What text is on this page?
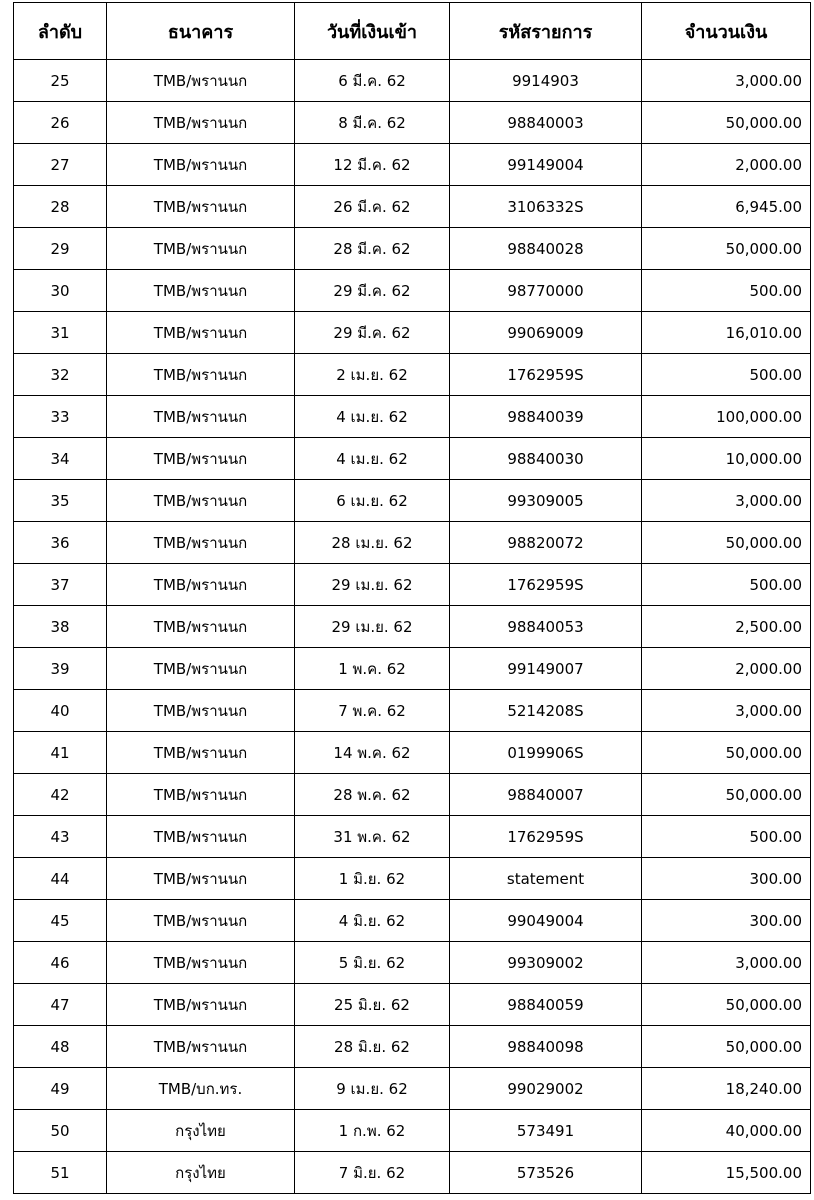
ลำดับ	ธนาคาร	วันที่เงินเข้า	รหัสรายการ	จำนวนเงิน
25	TMB/พรานนก	6 มี.ค. 62	9914903	3,000.00
26	TMB/พรานนก	8 มี.ค. 62	98840003	50,000.00
27	TMB/พรานนก	12 มี.ค. 62	99149004	2,000.00
28	TMB/พรานนก	26 มี.ค. 62	3106332S	6,945.00
29	TMB/พรานนก	28 มี.ค. 62	98840028	50,000.00
30	TMB/พรานนก	29 มี.ค. 62	98770000	500.00
31	TMB/พรานนก	29 มี.ค. 62	99069009	16,010.00
32	TMB/พรานนก	2 เม.ย. 62	1762959S	500.00
33	TMB/พรานนก	4 เม.ย. 62	98840039	100,000.00
34	TMB/พรานนก	4 เม.ย. 62	98840030	10,000.00
35	TMB/พรานนก	6 เม.ย. 62	99309005	3,000.00
36	TMB/พรานนก	28 เม.ย. 62	98820072	50,000.00
37	TMB/พรานนก	29 เม.ย. 62	1762959S	500.00
38	TMB/พรานนก	29 เม.ย. 62	98840053	2,500.00
39	TMB/พรานนก	1 พ.ค. 62	99149007	2,000.00
40	TMB/พรานนก	7 พ.ค. 62	5214208S	3,000.00
41	TMB/พรานนก	14 พ.ค. 62	0199906S	50,000.00
42	TMB/พรานนก	28 พ.ค. 62	98840007	50,000.00
43	TMB/พรานนก	31 พ.ค. 62	1762959S	500.00
44	TMB/พรานนก	1 มิ.ย. 62	statement	300.00
45	TMB/พรานนก	4 มิ.ย. 62	99049004	300.00
46	TMB/พรานนก	5 มิ.ย. 62	99309002	3,000.00
47	TMB/พรานนก	25 มิ.ย. 62	98840059	50,000.00
48	TMB/พรานนก	28 มิ.ย. 62	98840098	50,000.00
49	TMB/บก.ทร.	9 เม.ย. 62	99029002	18,240.00
50	กรุงไทย	1 ก.พ. 62	573491	40,000.00
51	กรุงไทย	7 มิ.ย. 62	573526	15,500.00
